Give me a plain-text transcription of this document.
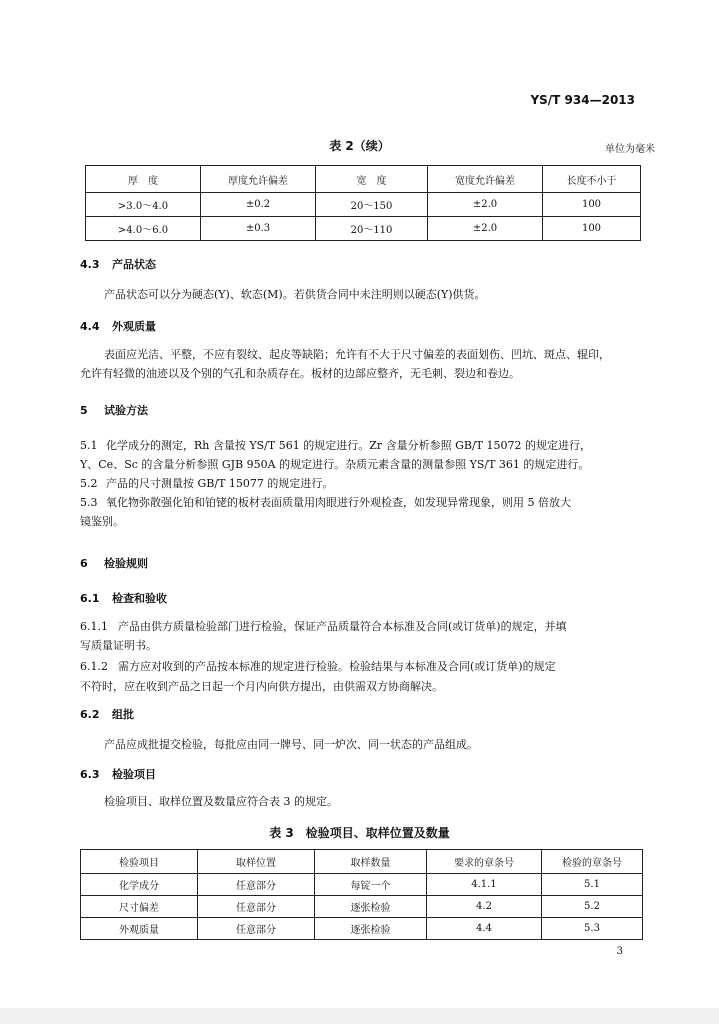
YS/T 934—2013
表 2（续）	单位为毫米
厚　度	厚度允许偏差	宽　度	宽度允许偏差	长度不小于
>3.0～4.0	±0.2	20～150	±2.0	100
>4.0～6.0	±0.3	20～110	±2.0	100
4.3 产品状态
产品状态可以分为硬态(Y)、软态(M)。若供货合同中未注明则以硬态(Y)供货。
4.4 外观质量
表面应光洁、平整，不应有裂纹、起皮等缺陷；允许有不大于尺寸偏差的表面划伤、凹坑、斑点、辊印，
允许有轻微的油迹以及个别的气孔和杂质存在。板材的边部应整齐，无毛刺、裂边和卷边。
5 试验方法
5.1 化学成分的测定，Rh 含量按 YS/T 561 的规定进行。Zr 含量分析参照 GB/T 15072 的规定进行，
Y、Ce、Sc 的含量分析参照 GJB 950A 的规定进行。杂质元素含量的测量参照 YS/T 361 的规定进行。
5.2 产品的尺寸测量按 GB/T 15077 的规定进行。
5.3 氧化物弥散强化铂和铂铑的板材表面质量用肉眼进行外观检查，如发现异常现象，则用 5 倍放大
镜鉴别。
6 检验规则
6.1 检查和验收
6.1.1 产品由供方质量检验部门进行检验，保证产品质量符合本标准及合同(或订货单)的规定，并填
写质量证明书。
6.1.2 需方应对收到的产品按本标准的规定进行检验。检验结果与本标准及合同(或订货单)的规定
不符时，应在收到产品之日起一个月内向供方提出，由供需双方协商解决。
6.2 组批
产品应成批提交检验，每批应由同一牌号、同一炉次、同一状态的产品组成。
6.3 检验项目
检验项目、取样位置及数量应符合表 3 的规定。
表 3　检验项目、取样位置及数量
检验项目	取样位置	取样数量	要求的章条号	检验的章条号
化学成分	任意部分	每锭一个	4.1.1	5.1
尺寸偏差	任意部分	逐张检验	4.2	5.2
外观质量	任意部分	逐张检验	4.4	5.3
3
